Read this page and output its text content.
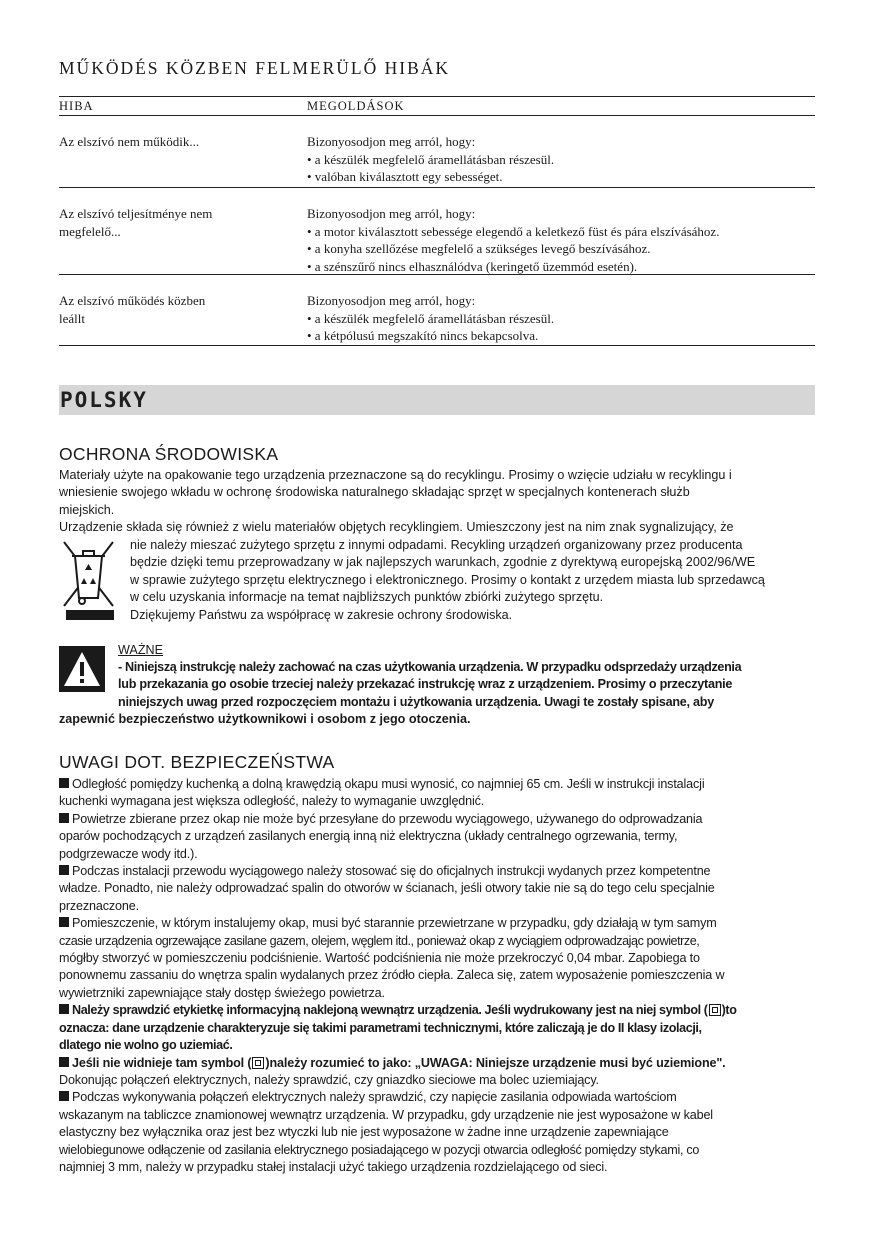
MŰKÖDÉS KÖZBEN FELMERÜLŐ HIBÁK
HIBA	MEGOLDÁSOK
Az elszívó nem működik...	Bizonyosodjon meg arról, hogy:
• a készülék megfelelő áramellátásban részesül.
• valóban kiválasztott egy sebességet.
Az elszívó teljesítménye nem
megfelelő...
Bizonyosodjon meg arról, hogy:
• a motor kiválasztott sebessége elegendő a keletkező füst és pára elszívásához.
• a konyha szellőzése megfelelő a szükséges levegő beszívásához.
• a szénszűrő nincs elhasználódva (keringető üzemmód esetén).
Az elszívó működés közben
leállt
Bizonyosodjon meg arról, hogy:
• a készülék megfelelő áramellátásban részesül.
• a kétpólusú megszakító nincs bekapcsolva.
POLSKY
OCHRONA ŚRODOWISKA
Materiały użyte na opakowanie tego urządzenia przeznaczone są do recyklingu. Prosimy o wzięcie udziału w recyklingu i
wniesienie swojego wkładu w ochronę środowiska naturalnego składając sprzęt w specjalnych kontenerach służb
miejskich.
Urządzenie składa się również z wielu materiałów objętych recyklingiem. Umieszczony jest na nim znak sygnalizujący, że
nie należy mieszać zużytego sprzętu z innymi odpadami. Recykling urządzeń organizowany przez producenta
będzie dzięki temu przeprowadzany w jak najlepszych warunkach, zgodnie z dyrektywą europejską 2002/96/WE
w sprawie zużytego sprzętu elektrycznego i elektronicznego. Prosimy o kontakt z urzędem miasta lub sprzedawcą
w celu uzyskania informacje na temat najbliższych punktów zbiórki zużytego sprzętu.
Dziękujemy Państwu za współpracę w zakresie ochrony środowiska.
WAŻNE
- Niniejszą instrukcję należy zachować na czas użytkowania urządzenia. W przypadku odsprzedaży urządzenia
lub przekazania go osobie trzeciej należy przekazać instrukcję wraz z urządzeniem. Prosimy o przeczytanie
niniejszych uwag przed rozpoczęciem montażu i użytkowania urządzenia. Uwagi te zostały spisane, aby
zapewnić bezpieczeństwo użytkownikowi i osobom z jego otoczenia.
UWAGI DOT. BEZPIECZEŃSTWA
Odległość pomiędzy kuchenką a dolną krawędzią okapu musi wynosić, co najmniej 65 cm. Jeśli w instrukcji instalacji
kuchenki wymagana jest większa odległość, należy to wymaganie uwzględnić.
Powietrze zbierane przez okap nie może być przesyłane do przewodu wyciągowego, używanego do odprowadzania
oparów pochodzących z urządzeń zasilanych energią inną niż elektryczna (układy centralnego ogrzewania, termy,
podgrzewacze wody itd.).
Podczas instalacji przewodu wyciągowego należy stosować się do oficjalnych instrukcji wydanych przez kompetentne
władze. Ponadto, nie należy odprowadzać spalin do otworów w ścianach, jeśli otwory takie nie są do tego celu specjalnie
przeznaczone.
Pomieszczenie, w którym instalujemy okap, musi być starannie przewietrzane w przypadku, gdy działają w tym samym
czasie urządzenia ogrzewające zasilane gazem, olejem, węglem itd., ponieważ okap z wyciągiem odprowadzając powietrze,
mógłby stworzyć w pomieszczeniu podciśnienie. Wartość podciśnienia nie może przekroczyć 0,04 mbar. Zapobiega to
ponownemu zassaniu do wnętrza spalin wydalanych przez źródło ciepła. Zaleca się, zatem wyposażenie pomieszczenia w
wywietrzniki zapewniające stały dostęp świeżego powietrza.
Należy sprawdzić etykietkę informacyjną naklejoną wewnątrz urządzenia. Jeśli wydrukowany jest na niej symbol ( )to
oznacza: dane urządzenie charakteryzuje się takimi parametrami technicznymi, które zaliczają je do II klasy izolacji,
dlatego nie wolno go uziemiać.
Jeśli nie widnieje tam symbol ( )należy rozumieć to jako: „UWAGA: Niniejsze urządzenie musi być uziemione".
Dokonując połączeń elektrycznych, należy sprawdzić, czy gniazdko sieciowe ma bolec uziemiający.
Podczas wykonywania połączeń elektrycznych należy sprawdzić, czy napięcie zasilania odpowiada wartościom
wskazanym na tabliczce znamionowej wewnątrz urządzenia. W przypadku, gdy urządzenie nie jest wyposażone w kabel
elastyczny bez wyłącznika oraz jest bez wtyczki lub nie jest wyposażone w żadne inne urządzenie zapewniające
wielobiegunowe odłączenie od zasilania elektrycznego posiadającego w pozycji otwarcia odległość pomiędzy stykami, co
najmniej 3 mm, należy w przypadku stałej instalacji użyć takiego urządzenia rozdzielającego od sieci.
